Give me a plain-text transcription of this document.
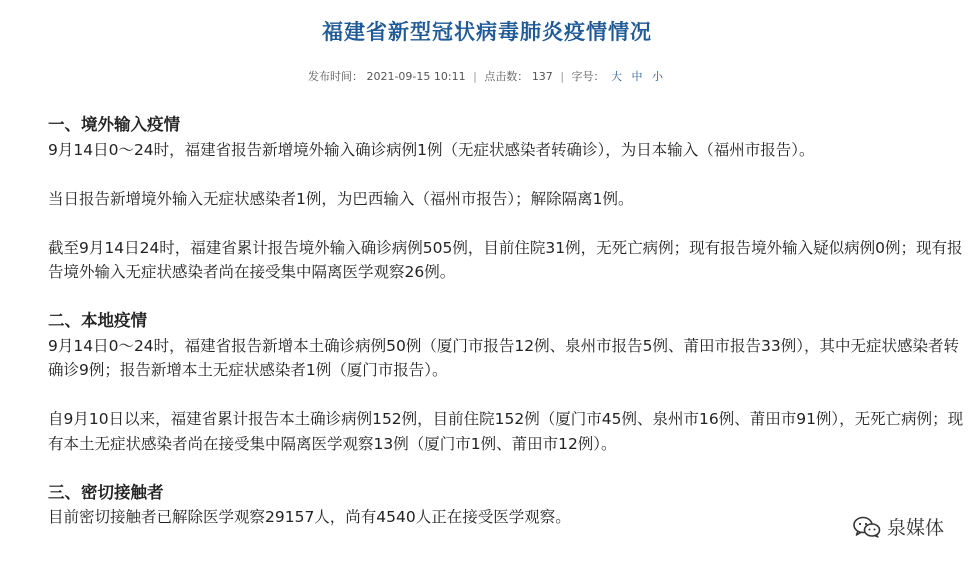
福建省新型冠状病毒肺炎疫情情况
发布时间： 2021-09-15 10:11 | 点击数： 137 | 字号： 大 中 小

一、境外输入疫情

9月14日0～24时，福建省报告新增境外输入确诊病例1例（无症状感染者转确诊），为日本输入（福州市报告）。

当日报告新增境外输入无症状感染者1例，为巴西输入（福州市报告）；解除隔离1例。

截至9月14日24时，福建省累计报告境外输入确诊病例505例，目前住院31例，无死亡病例；现有报告境外输入疑似病例0例；现有报告境外输入无症状感染者尚在接受集中隔离医学观察26例。

二、本地疫情

9月14日0～24时，福建省报告新增本土确诊病例50例（厦门市报告12例、泉州市报告5例、莆田市报告33例），其中无症状感染者转确诊9例；报告新增本土无症状感染者1例（厦门市报告）。

自9月10日以来，福建省累计报告本土确诊病例152例，目前住院152例（厦门市45例、泉州市16例、莆田市91例），无死亡病例；现有本土无症状感染者尚在接受集中隔离医学观察13例（厦门市1例、莆田市12例）。

三、密切接触者

目前密切接触者已解除医学观察29157人，尚有4540人正在接受医学观察。	泉媒体
